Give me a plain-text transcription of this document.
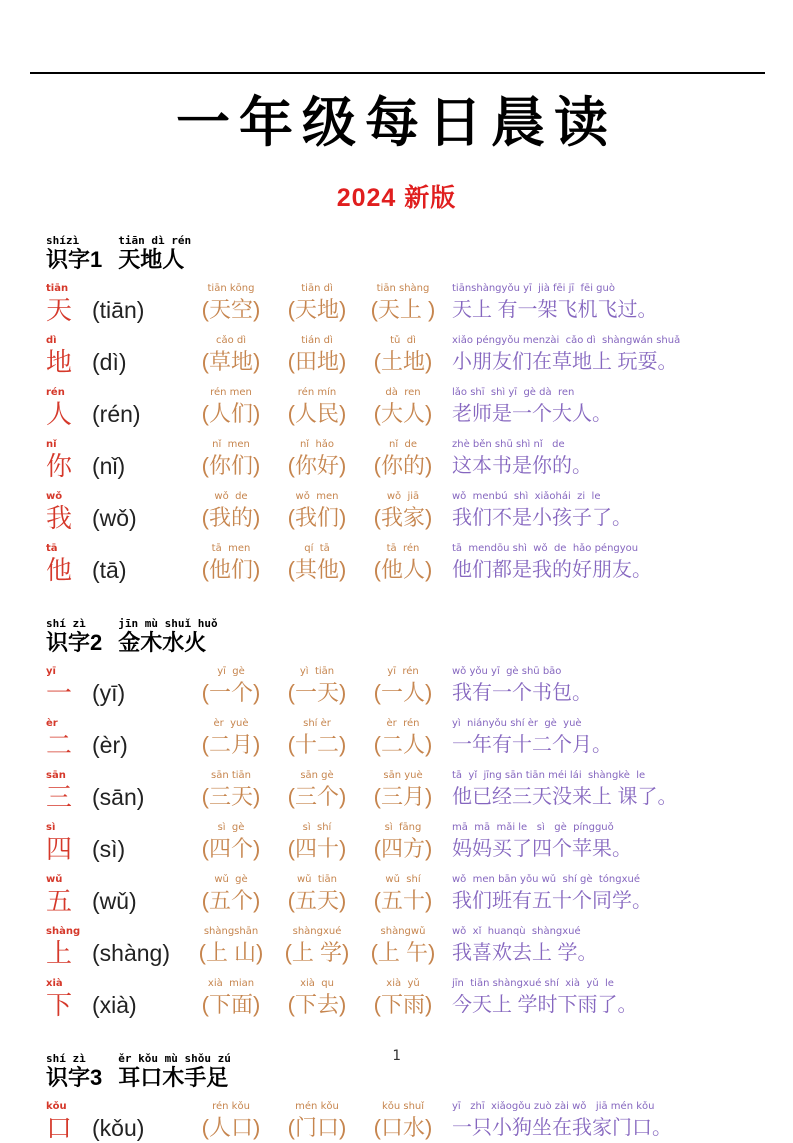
一年级每日晨读
2024 新版
shízì
识字1
tiān dì rén
天地人
tiān
天 (tiān)
tiān kōng
(天空)
tiān dì
(天地)
tiān shàng
(天上 )
tiānshàngyǒu yī  jià fēi jī  fēi guò
天上 有一架飞机飞过。
dì
地 (dì)
cǎo dì
(草地)
tián dì
(田地)
tǔ  dì
(土地)
xiǎo péngyǒu menzài  cǎo dì  shàngwán shuǎ
小朋友们在草地上 玩耍。
rén
人 (rén)
rén men
(人们)
rén mín
(人民)
dà  ren
(大人)
lǎo shī  shì yī  gè dà  ren
老师是一个大人。
nǐ
你 (nǐ)
nǐ  men
(你们)
nǐ  hǎo
(你好)
nǐ  de
(你的)
zhè běn shū shì nǐ   de
这本书是你的。
wǒ
我 (wǒ)
wǒ  de
(我的)
wǒ  men
(我们)
wǒ  jiā
(我家)
wǒ  menbú  shì  xiǎohái  zi  le
我们不是小孩子了。
tā
他 (tā)
tā  men
(他们)
qí  tā
(其他)
tā  rén
(他人)
tā  mendōu shì  wǒ  de  hǎo péngyou
他们都是我的好朋友。
shí zì
识字2
jīn mù shuǐ huǒ
金木水火
yī
一 (yī)
yī  gè
(一个)
yì  tiān
(一天)
yī  rén
(一人)
wǒ yǒu yī  gè shū bāo
我有一个书包。
èr
二 (èr)
èr  yuè
(二月)
shí èr
(十二)
èr  rén
(二人)
yì  niányǒu shí èr  gè  yuè
一年有十二个月。
sān
三 (sān)
sān tiān
(三天)
sān gè
(三个)
sān yuè
(三月)
tā  yǐ  jīng sān tiān méi lái  shàngkè  le
他已经三天没来上 课了。
sì
四 (sì)
sì  gè
(四个)
sì  shí
(四十)
sì  fāng
(四方)
mā  mā  mǎi le   sì   gè  píngguǒ
妈妈买了四个苹果。
wǔ
五 (wǔ)
wǔ  gè
(五个)
wǔ  tiān
(五天)
wǔ  shí
(五十)
wǒ  men bān yǒu wǔ  shí gè  tóngxué
我们班有五十个同学。
shàng
上 (shàng)
shàngshān
(上 山)
shàngxué
(上 学)
shàngwǔ
(上 午)
wǒ  xǐ  huanqù  shàngxué
我喜欢去上 学。
xià
下 (xià)
xià  mian
(下面)
xià  qu
(下去)
xià  yǔ
(下雨)
jīn  tiān shàngxué shí  xià  yǔ  le
今天上 学时下雨了。
shí zì
识字3
ěr kǒu mù shǒu zú
耳口木手足
kǒu
口 (kǒu)
rén kǒu
(人口)
mén kǒu
(门口)
kǒu shuǐ
(口水)
yī   zhī  xiǎogǒu zuò zài wǒ   jiā mén kǒu
一只小狗坐在我家门口。
1
